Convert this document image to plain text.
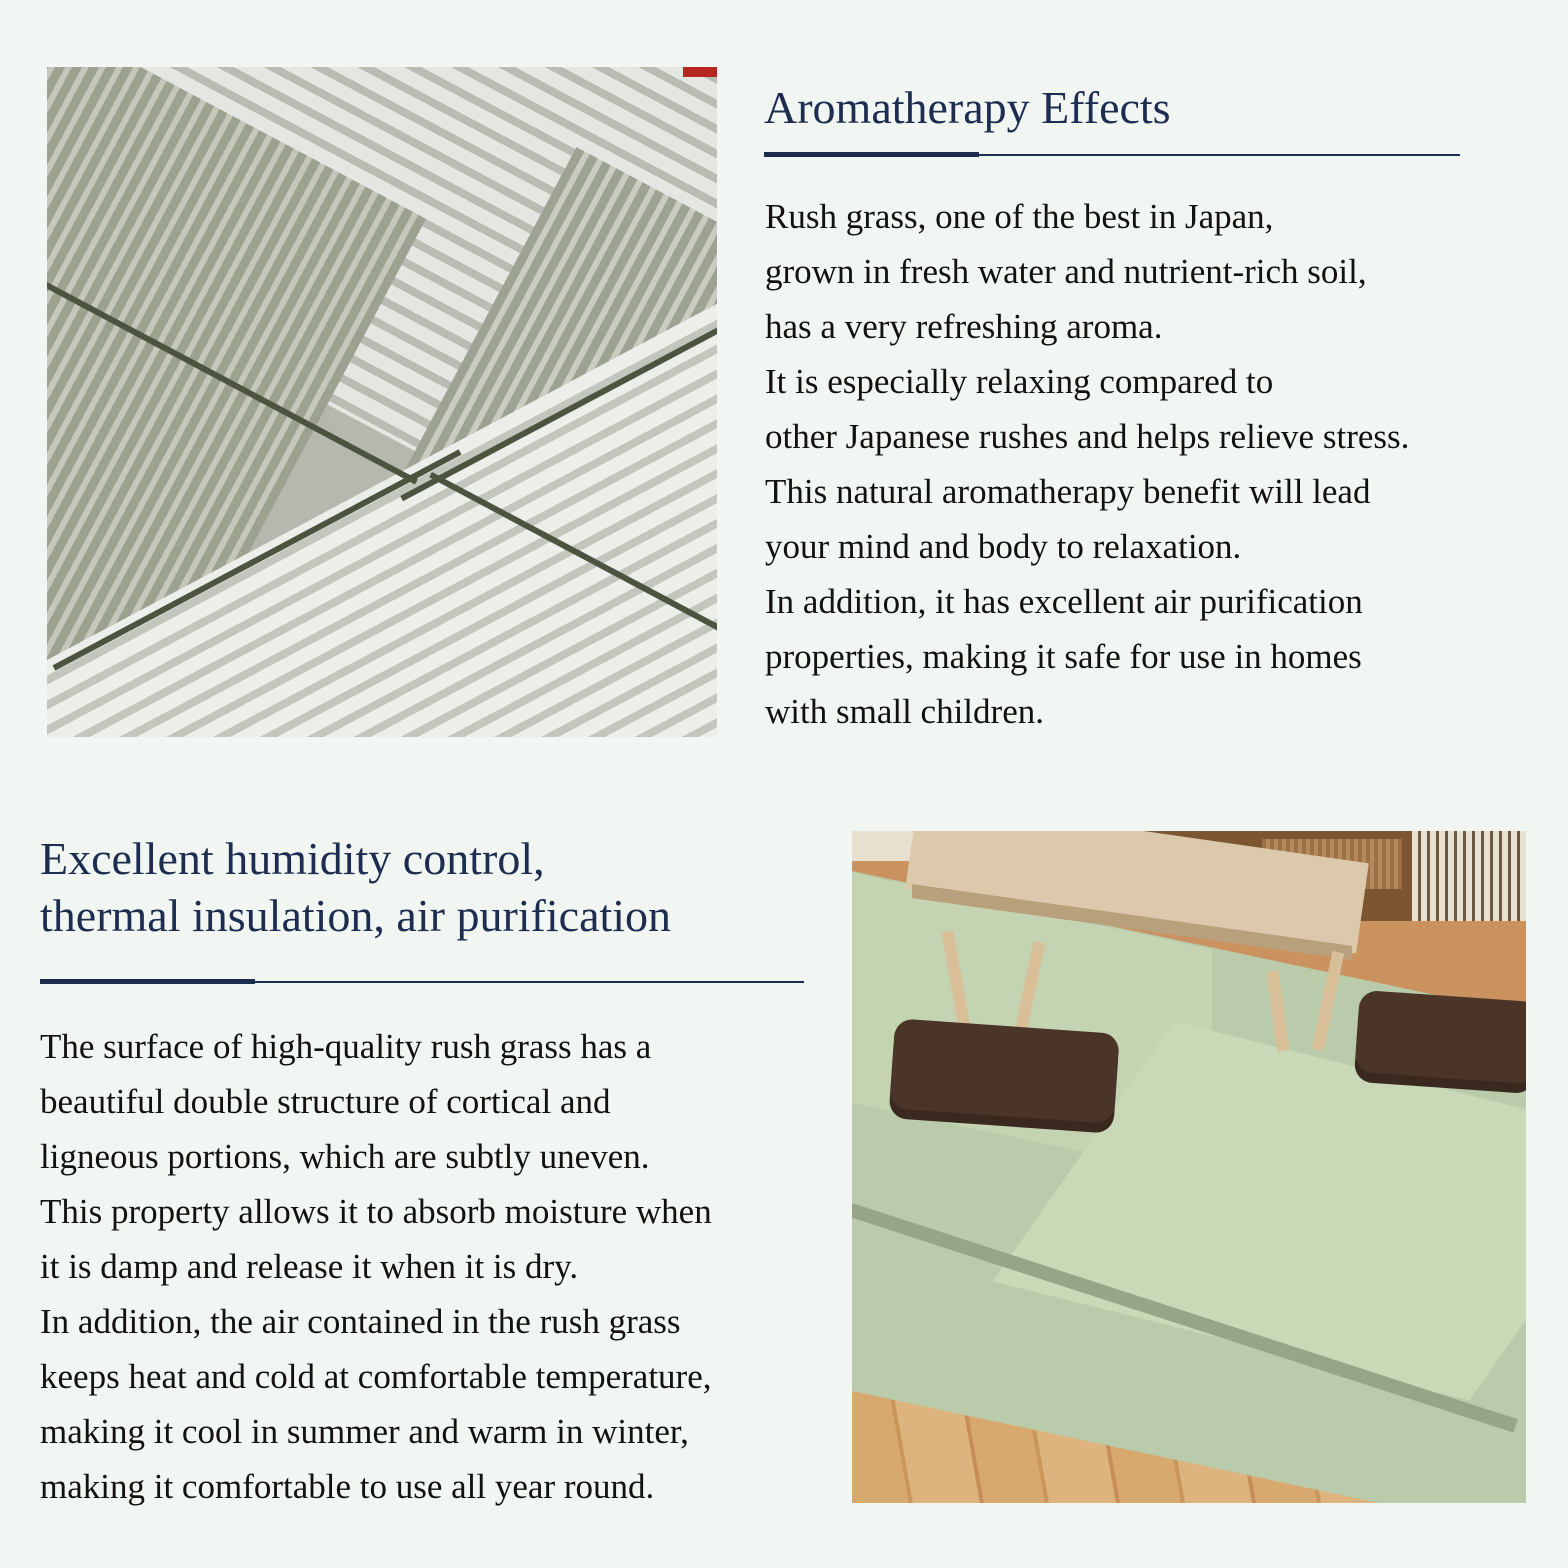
Aromatherapy Effects
Rush grass, one of the best in Japan,
grown in fresh water and nutrient-rich soil,
has a very refreshing aroma.
It is especially relaxing compared to
other Japanese rushes and helps relieve stress.
This natural aromatherapy benefit will lead
your mind and body to relaxation.
In addition, it has excellent air purification
properties, making it safe for use in homes
with small children.
Excellent humidity control,
thermal insulation, air purification
The surface of high-quality rush grass has a
beautiful double structure of cortical and
ligneous portions, which are subtly uneven.
This property allows it to absorb moisture when
it is damp and release it when it is dry.
In addition, the air contained in the rush grass
keeps heat and cold at comfortable temperature,
making it cool in summer and warm in winter,
making it comfortable to use all year round.
